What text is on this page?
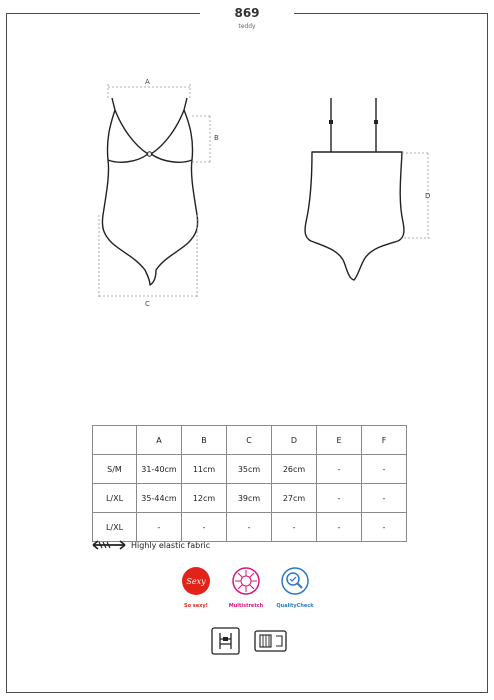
869
teddy
A
B
C
D
	A	B	C	D	E	F
S/M	31-40cm	11cm	35cm	26cm	-	-
L/XL	35-44cm	12cm	39cm	27cm	-	-
L/XL	-	-	-	-	-	-
Highly elastic fabric
Sexy
So sexy!	Multistretch	QualityCheck
